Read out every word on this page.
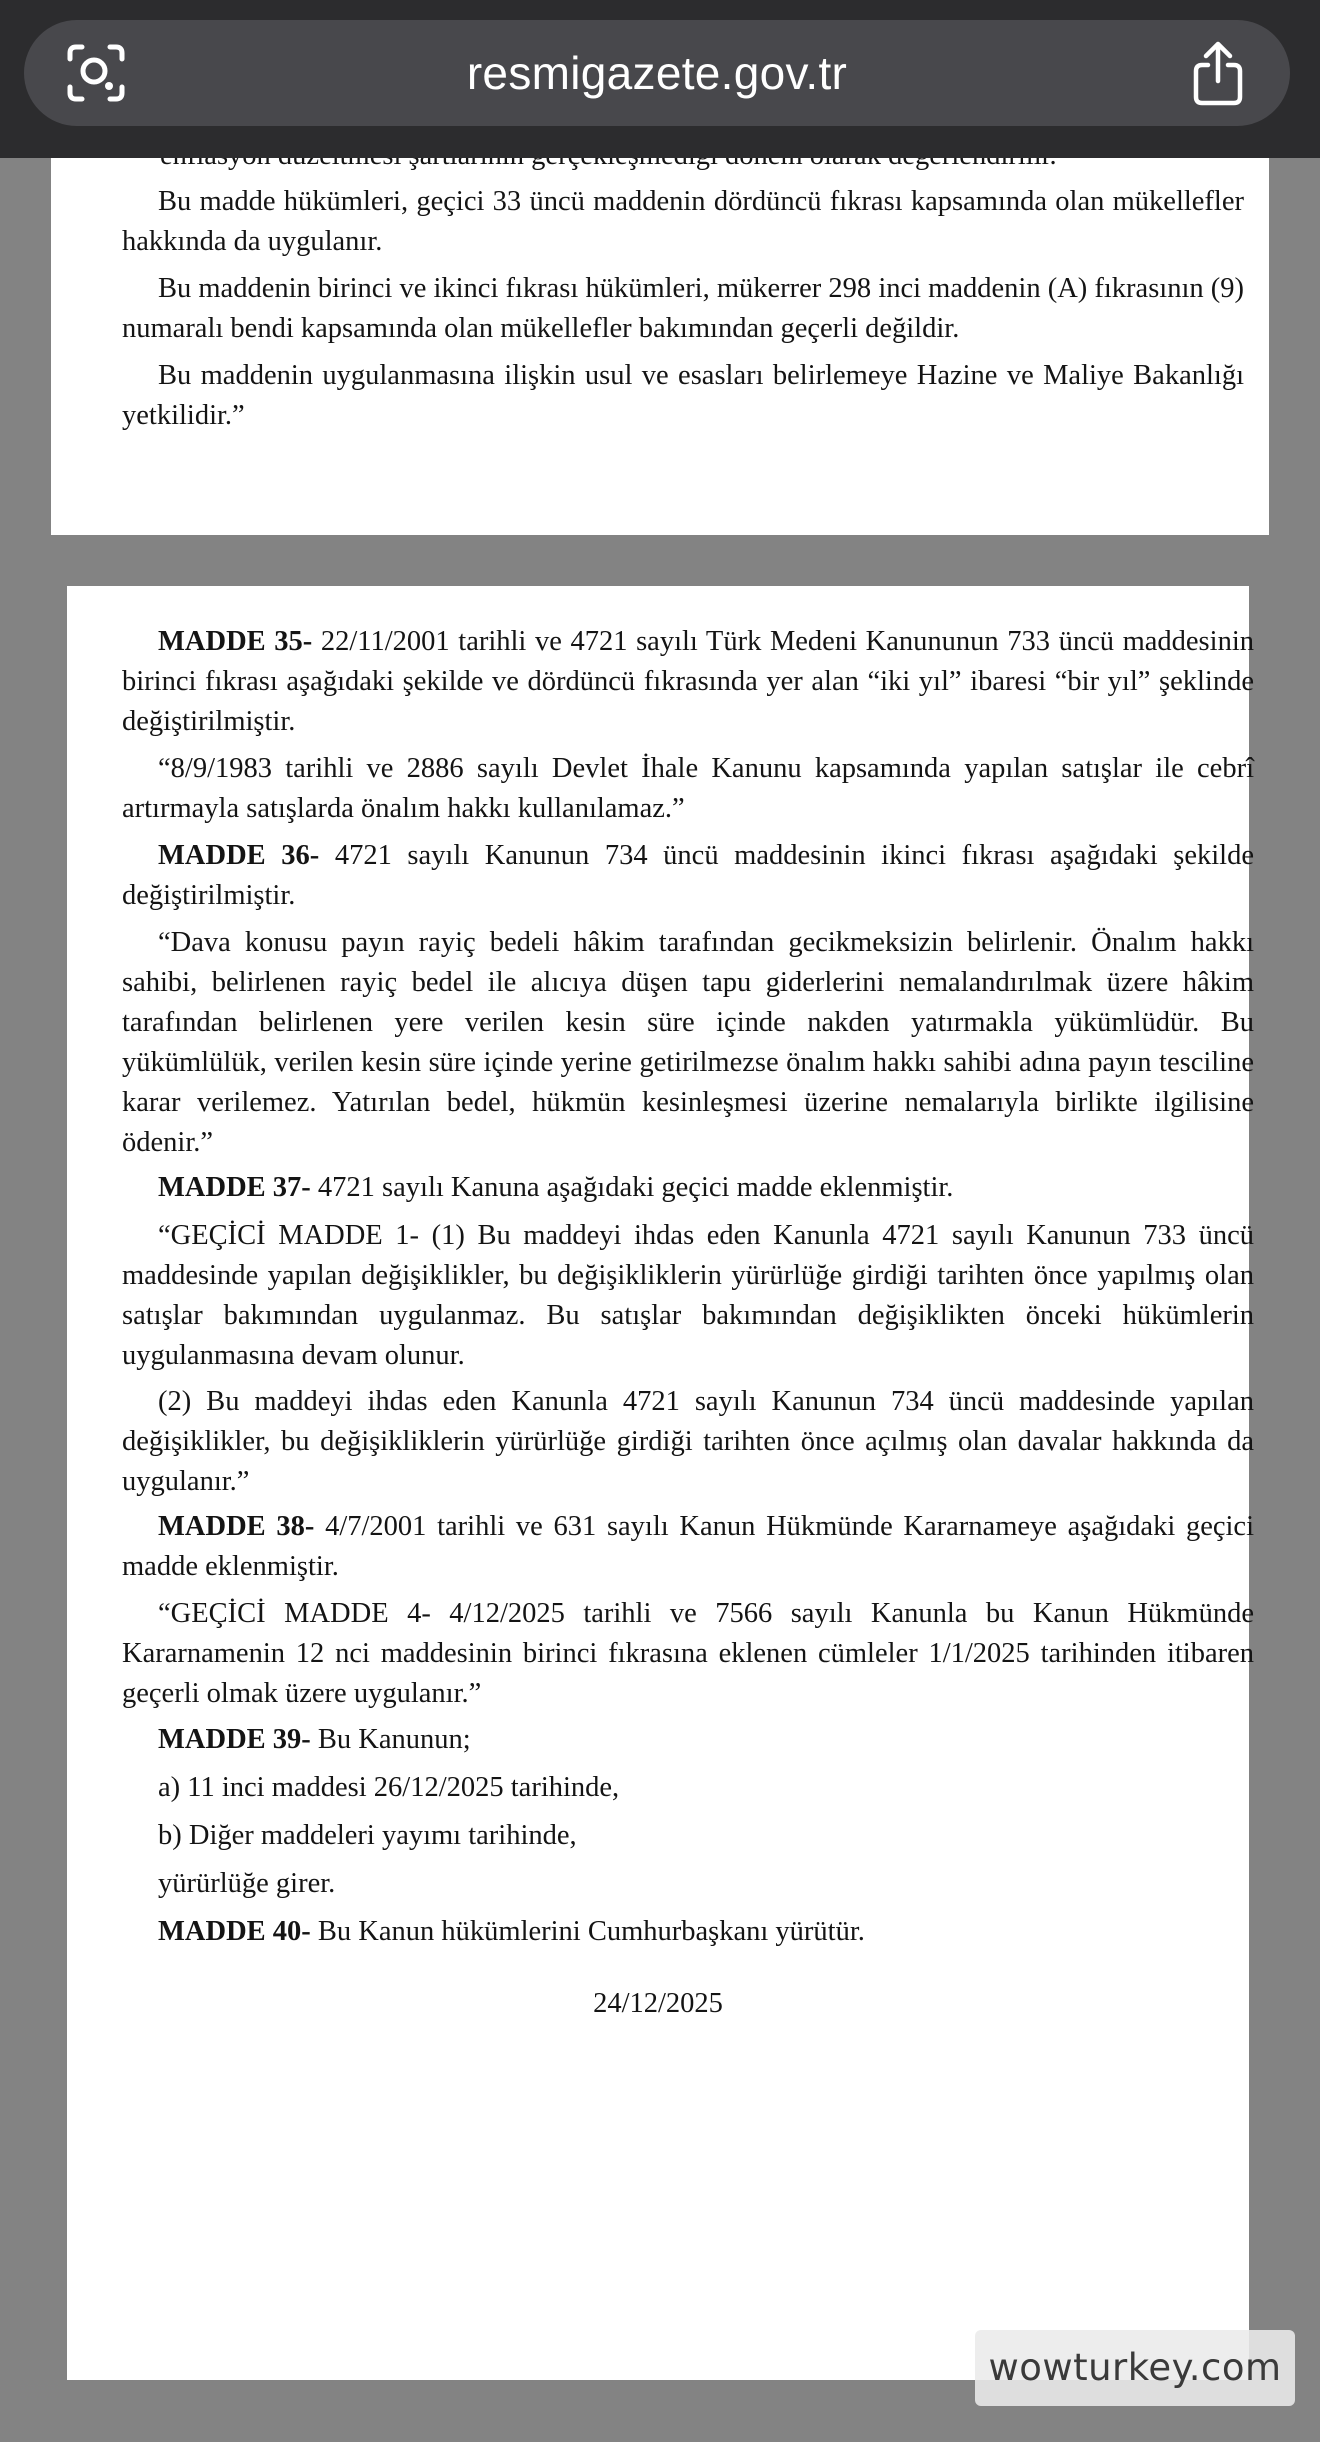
resmigazete.gov.tr
Bu madde hükümleri, geçici 33 üncü maddenin dördüncü fıkrası kapsamında olan mükellefler hakkında da uygulanır.
Bu maddenin birinci ve ikinci fıkrası hükümleri, mükerrer 298 inci maddenin (A) fıkrasının (9) numaralı bendi kapsamında olan mükellefler bakımından geçerli değildir.
Bu maddenin uygulanmasına ilişkin usul ve esasları belirlemeye Hazine ve Maliye Bakanlığı yetkilidir.”
MADDE 35- 22/11/2001 tarihli ve 4721 sayılı Türk Medeni Kanununun 733 üncü maddesinin birinci fıkrası aşağıdaki şekilde ve dördüncü fıkrasında yer alan “iki yıl” ibaresi “bir yıl” şeklinde değiştirilmiştir.
“8/9/1983 tarihli ve 2886 sayılı Devlet İhale Kanunu kapsamında yapılan satışlar ile cebrî artırmayla satışlarda önalım hakkı kullanılamaz.”
MADDE 36- 4721 sayılı Kanunun 734 üncü maddesinin ikinci fıkrası aşağıdaki şekilde değiştirilmiştir.
“Dava konusu payın rayiç bedeli hâkim tarafından gecikmeksizin belirlenir. Önalım hakkı sahibi, belirlenen rayiç bedel ile alıcıya düşen tapu giderlerini nemalandırılmak üzere hâkim tarafından belirlenen yere verilen kesin süre içinde nakden yatırmakla yükümlüdür. Bu yükümlülük, verilen kesin süre içinde yerine getirilmezse önalım hakkı sahibi adına payın tesciline karar verilemez. Yatırılan bedel, hükmün kesinleşmesi üzerine nemalarıyla birlikte ilgilisine ödenir.”
MADDE 37- 4721 sayılı Kanuna aşağıdaki geçici madde eklenmiştir.
“GEÇİCİ MADDE 1- (1) Bu maddeyi ihdas eden Kanunla 4721 sayılı Kanunun 733 üncü maddesinde yapılan değişiklikler, bu değişikliklerin yürürlüğe girdiği tarihten önce yapılmış olan satışlar bakımından uygulanmaz. Bu satışlar bakımından değişiklikten önceki hükümlerin uygulanmasına devam olunur.
(2) Bu maddeyi ihdas eden Kanunla 4721 sayılı Kanunun 734 üncü maddesinde yapılan değişiklikler, bu değişikliklerin yürürlüğe girdiği tarihten önce açılmış olan davalar hakkında da uygulanır.”
MADDE 38- 4/7/2001 tarihli ve 631 sayılı Kanun Hükmünde Kararnameye aşağıdaki geçici madde eklenmiştir.
“GEÇİCİ MADDE 4- 4/12/2025 tarihli ve 7566 sayılı Kanunla bu Kanun Hükmünde Kararnamenin 12 nci maddesinin birinci fıkrasına eklenen cümleler 1/1/2025 tarihinden itibaren geçerli olmak üzere uygulanır.”
MADDE 39- Bu Kanunun;
a) 11 inci maddesi 26/12/2025 tarihinde,
b) Diğer maddeleri yayımı tarihinde,
yürürlüğe girer.
MADDE 40- Bu Kanun hükümlerini Cumhurbaşkanı yürütür.
24/12/2025
wowturkey.com
